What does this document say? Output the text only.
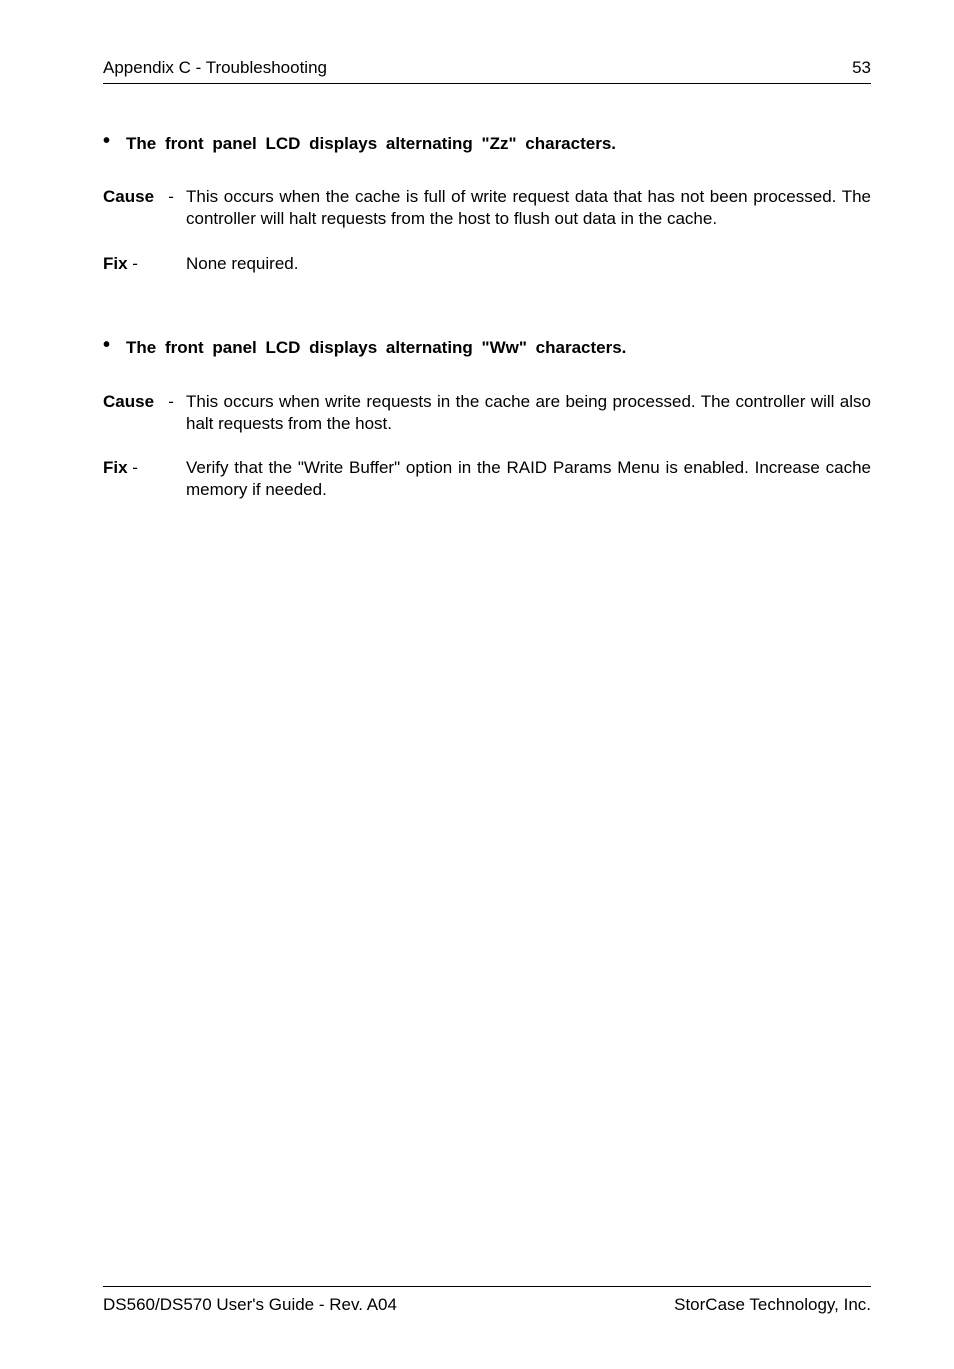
Appendix C - Troubleshooting	53
• The front panel LCD displays alternating "Zz" characters.
Cause - This occurs when the cache is full of write request data that has not been processed. The controller will halt requests from the host to flush out data in the cache.
Fix -	None required.
• The front panel LCD displays alternating "Ww" characters.
Cause - This occurs when write requests in the cache are being processed. The controller will also halt requests from the host.
Fix -	Verify that the "Write Buffer" option in the RAID Params Menu is enabled. Increase cache memory if needed.
DS560/DS570 User's Guide - Rev. A04	StorCase Technology, Inc.
